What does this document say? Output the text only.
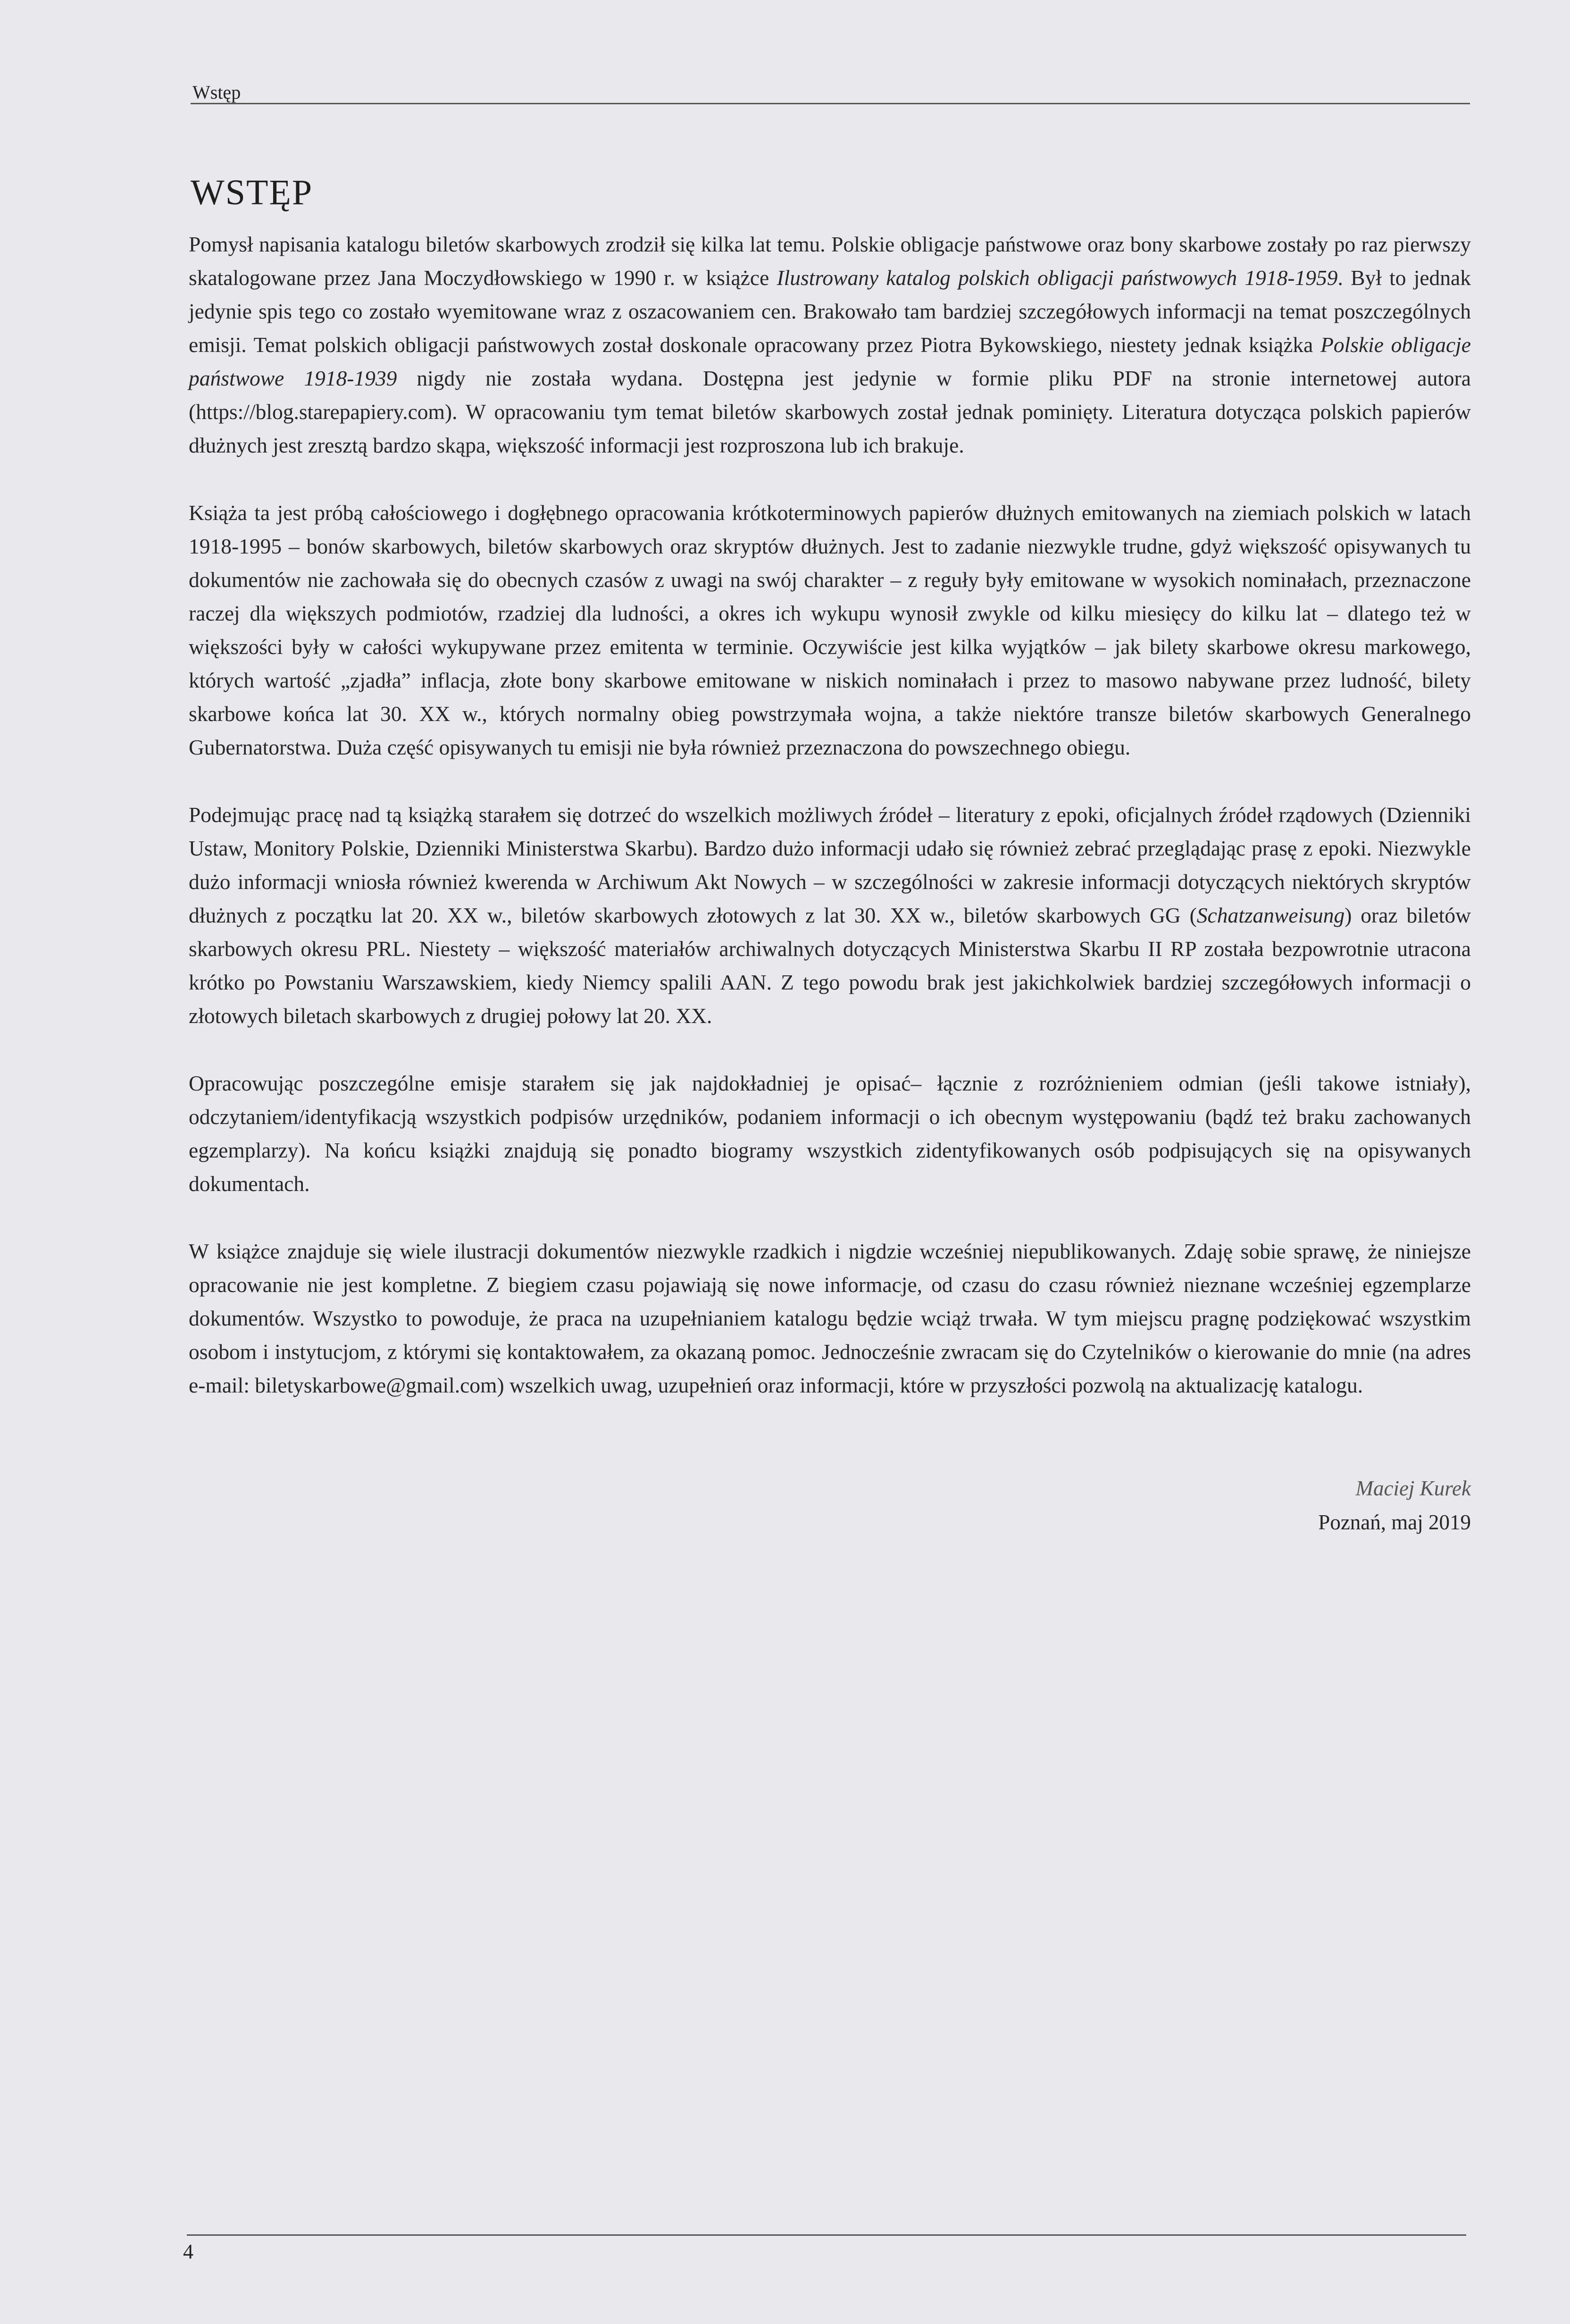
Wstęp
WSTĘP

Pomysł napisania katalogu biletów skarbowych zrodził się kilka lat temu. Polskie obligacje państwowe oraz bony skarbowe zostały po raz pierwszy skatalogowane przez Jana Moczydłowskiego w 1990 r. w książce Ilustrowany katalog polskich obligacji państwowych 1918-1959. Był to jednak jedynie spis tego co zostało wyemitowane wraz z oszacowaniem cen. Brakowało tam bardziej szczegółowych informacji na temat poszczególnych emisji. Temat polskich obligacji państwowych został doskonale opracowany przez Piotra Bykowskiego, niestety jednak książka Polskie obligacje państwowe 1918-1939 nigdy nie została wydana. Dostępna jest jedynie w formie pliku PDF na stronie internetowej autora (https://blog.starepapiery.com). W opracowaniu tym temat biletów skarbowych został jednak pominięty. Literatura dotycząca polskich papierów dłużnych jest zresztą bardzo skąpa, większość informacji jest rozproszona lub ich brakuje.

Książa ta jest próbą całościowego i dogłębnego opracowania krótkoterminowych papierów dłużnych emitowanych na ziemiach polskich w latach 1918-1995 – bonów skarbowych, biletów skarbowych oraz skryptów dłużnych. Jest to zadanie niezwykle trudne, gdyż większość opisywanych tu dokumentów nie zachowała się do obecnych czasów z uwagi na swój charakter – z reguły były emitowane w wysokich nominałach, przeznaczone raczej dla większych podmiotów, rzadziej dla ludności, a okres ich wykupu wynosił zwykle od kilku miesięcy do kilku lat – dlatego też w większości były w całości wykupywane przez emitenta w terminie. Oczywiście jest kilka wyjątków – jak bilety skarbowe okresu markowego, których wartość „zjadła” inflacja, złote bony skarbowe emitowane w niskich nominałach i przez to masowo nabywane przez ludność, bilety skarbowe końca lat 30. XX w., których normalny obieg powstrzymała wojna, a także niektóre transze biletów skarbowych Generalnego Gubernatorstwa. Duża część opisywanych tu emisji nie była również przeznaczona do powszechnego obiegu.

Podejmując pracę nad tą książką starałem się dotrzeć do wszelkich możliwych źródeł – literatury z epoki, oficjalnych źródeł rządowych (Dzienniki Ustaw, Monitory Polskie, Dzienniki Ministerstwa Skarbu). Bardzo dużo informacji udało się również zebrać przeglądając prasę z epoki. Niezwykle dużo informacji wniosła również kwerenda w Archiwum Akt Nowych – w szczególności w zakresie informacji dotyczących niektórych skryptów dłużnych z początku lat 20. XX w., biletów skarbowych złotowych z lat 30. XX w., biletów skarbowych GG (Schatzanweisung) oraz biletów skarbowych okresu PRL. Niestety – większość materiałów archiwalnych dotyczących Ministerstwa Skarbu II RP została bezpowrotnie utracona krótko po Powstaniu Warszawskiem, kiedy Niemcy spalili AAN. Z tego powodu brak jest jakichkolwiek bardziej szczegółowych informacji o złotowych biletach skarbowych z drugiej połowy lat 20. XX.

Opracowując poszczególne emisje starałem się jak najdokładniej je opisać– łącznie z rozróżnieniem odmian (jeśli takowe istniały), odczytaniem/identyfikacją wszystkich podpisów urzędników, podaniem informacji o ich obecnym występowaniu (bądź też braku zachowanych egzemplarzy). Na końcu książki znajdują się ponadto biogramy wszystkich zidentyfikowanych osób podpisujących się na opisywanych dokumentach.

W książce znajduje się wiele ilustracji dokumentów niezwykle rzadkich i nigdzie wcześniej niepublikowanych. Zdaję sobie sprawę, że niniejsze opracowanie nie jest kompletne. Z biegiem czasu pojawiają się nowe informacje, od czasu do czasu również nieznane wcześniej egzemplarze dokumentów. Wszystko to powoduje, że praca na uzupełnianiem katalogu będzie wciąż trwała. W tym miejscu pragnę podziękować wszystkim osobom i instytucjom, z którymi się kontaktowałem, za okazaną pomoc. Jednocześnie zwracam się do Czytelników o kierowanie do mnie (na adres e-mail: biletyskarbowe@gmail.com) wszelkich uwag, uzupełnień oraz informacji, które w przyszłości pozwolą na aktualizację katalogu.

Maciej Kurek
Poznań, maj 2019
4
